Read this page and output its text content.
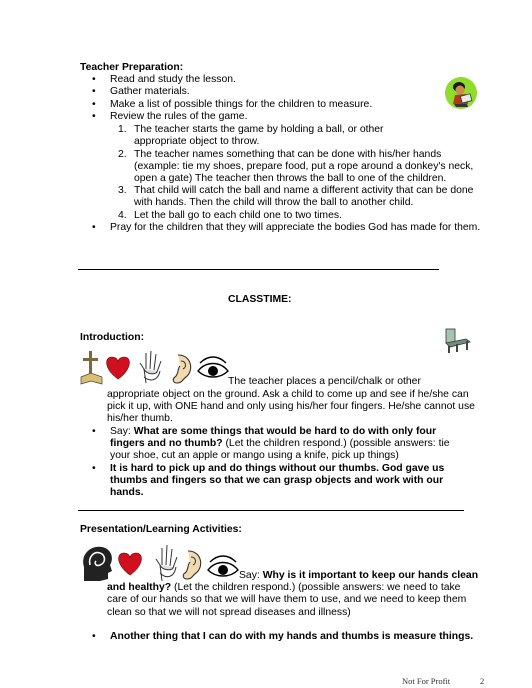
Teacher Preparation:
• Read and study the lesson.
• Gather materials.
• Make a list of possible things for the children to measure.
• Review the rules of the game.
1. The teacher starts the game by holding a ball, or other
appropriate object to throw.
2. The teacher names something that can be done with his/her hands
(example: tie my shoes, prepare food, put a rope around a donkey's neck,
open a gate) The teacher then throws the ball to one of the children.
3. That child will catch the ball and name a different activity that can be done
with hands. Then the child will throw the ball to another child.
4. Let the ball go to each child one to two times.
• Pray for the children that they will appreciate the bodies God has made for them.
CLASSTIME:
Introduction:
The teacher places a pencil/chalk or other
appropriate object on the ground. Ask a child to come up and see if he/she can
pick it up, with ONE hand and only using his/her four fingers. He/she cannot use
his/her thumb.
• Say: What are some things that would be hard to do with only four
fingers and no thumb? (Let the children respond.) (possible answers: tie
your shoe, cut an apple or mango using a knife, pick up things)
• It is hard to pick up and do things without our thumbs. God gave us
thumbs and fingers so that we can grasp objects and work with our
hands.
Presentation/Learning Activities:
Say: Why is it important to keep our hands clean
and healthy? (Let the children respond.) (possible answers: we need to take
care of our hands so that we will have them to use, and we need to keep them
clean so that we will not spread diseases and illness)
• Another thing that I can do with my hands and thumbs is measure things.
Not For Profit	2
